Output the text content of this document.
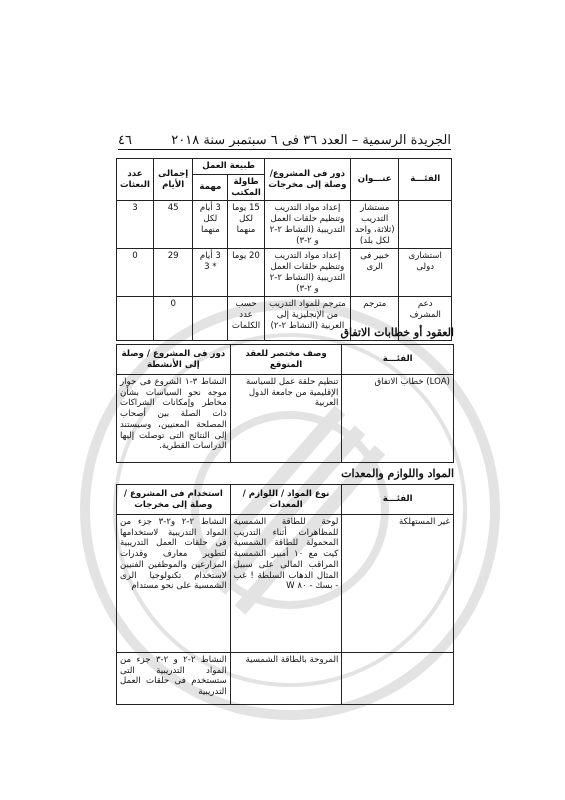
الجريدة الرسمية – العدد ٣٦ فى ٦ سبتمبر سنة ٢٠١٨
٤٦
الفئـــة	عنـــوان	دور فى المشروع/ وصلة إلى مخرجات	طبيعة العمل		إجمالى الأيام	عدد البعثات
			طاولة المكتب	مهمة		
	مستشار التدريب (ثلاثة، واحد لكل بلد)	إعداد مواد التدريب وتنظيم حلقات العمل التدريبية (النشاط ٢-٢ و ٢-٣)	15 يوما لكل منهما	3 أيام لكل منهما	45	3
استشارى دولى	خبير فى الرى	إعداد مواد التدريب وتنظيم حلقات العمل التدريبية (النشاط ٢-٢ و ٢-٣)	20 يوما	3 أيام * 3	29	0
دعم المشرف	مترجم	مترجم للمواد التدريب من الإنجليزية إلى العربية (النشاط ٢-٢)	حسب عدد الكلمات		0	
العقود أو خطابات الاتفاق
الفئـــة	وصف مختصر للعقد المتوقع	دور فى المشروع / وصلة إلى الأنشطة
خطاب الاتفاق (LOA)	تنظيم حلقة عمل للسياسة الإقليمية من جامعة الدول العربية	النشاط ٣-١ الشروع فى حوار موجه نحو السياسات بشأن مخاطر وإمكانات الشراكات ذات الصلة بين أصحاب المصلحة المعنيين، وسيستند إلى النتائج التى توصلت إليها الدراسات القطرية.
المواد واللوازم والمعدات
الفئـــة	نوع المواد / اللوازم / المعدات	استخدام فى المشروع / وصلة إلى مخرجات
غير المستهلكة	لوحة للطاقة الشمسية للمظاهرات أثناء التدريب المحمولة للطاقة الشمسية كيت مع ١٠ أمبير الشمسية المراقب المالى على سبيل المثال الدهاب السلطة ! غب - بسك - ٨٠ W	النشاط ٢-٢ و٢-٣ جزء من المواد التدريبية لاستخدامها فى حلقات العمل التدريبية لتطوير معارف وقدرات المزارعين والموظفين الفنيين لاستخدام تكنولوجيا الرى الشمسية على نحو مستدام
	المروحة بالطاقة الشمسية	النشاط ٢-٢ و ٢-٣ جزء من المواد التدريبية التى ستستخدم فى حلقات العمل التدريبية
